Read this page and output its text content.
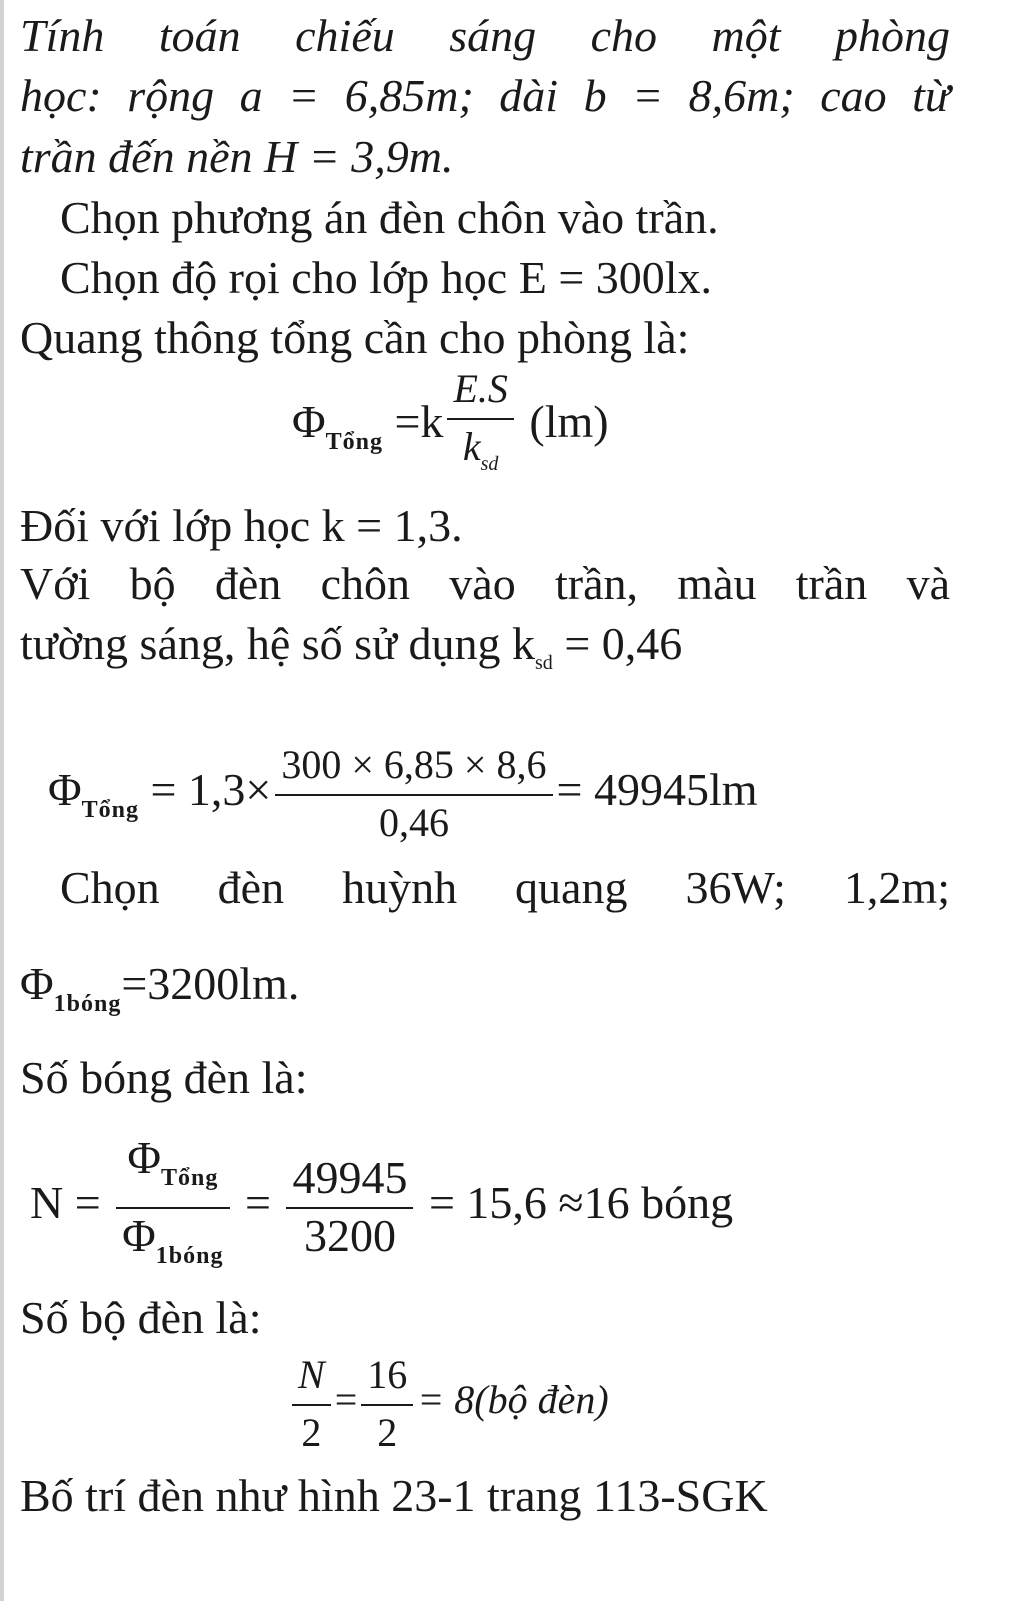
Tính toán chiếu sáng cho một phòng
học: rộng a = 6,85m; dài b = 8,6m; cao từ
trần đến nền H = 3,9m.
Chọn phương án đèn chôn vào trần.
Chọn độ rọi cho lớp học E = 300lx.
Quang thông tổng cần cho phòng là:
$\Phi_{Tổng} =k \frac{E.S}{k_{sd}} (lm)$
Đối với lớp học k = 1,3.
Với bộ đèn chôn vào trần, màu trần và
tường sáng, hệ số sử dụng $k_{sd} = 0,46$
$\Phi_{Tổng} = 1,3\times \frac{300 \times 6,85 \times 8,6}{0,46} = 49945lm$
Chọn đèn huỳnh quang 36W; 1,2m;
$\Phi_{1bóng}=3200lm$.
Số bóng đèn là:
$N = \frac{\Phi_{Tổng}}{\Phi_{1bóng}} = \frac{49945}{3200} = 15,6 \approx 16$ bóng
Số bộ đèn là:
$\frac{N}{2} = \frac{16}{2}$ = 8(bộ đèn)
Bố trí đèn như hình 23-1 trang 113-SGK
